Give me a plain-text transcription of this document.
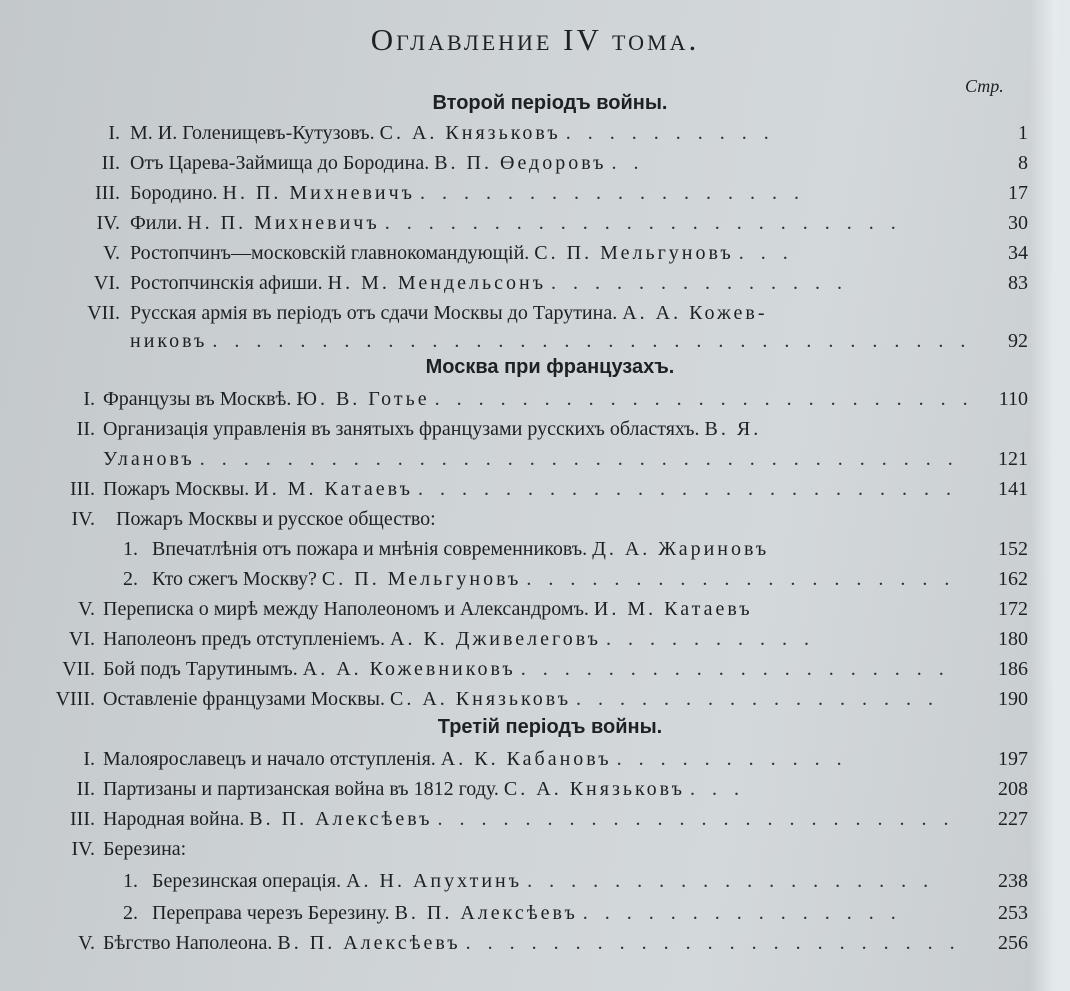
Оглавление IV тома.
Стр.
Второй періодъ войны.
I. М. И. Голенищевъ-Кутузовъ. С. А. Князьковъ . . . . . . . . . .	1
II. Отъ Царева-Займища до Бородина. В. П. Өедоровъ . .	8
III. Бородино. Н. П. Михневичъ . . . . . . . . . . . . . . . . . .	17
IV. Фили. Н. П. Михневичъ . . . . . . . . . . . . . . . . . . . . . . . .	30
V. Ростопчинъ—московскій главнокомандующій. С. П. Мельгуновъ . . .	34
VI. Ростопчинскія афиши. Н. М. Мендельсонъ . . . . . . . . . . . . . .	83
VII. Русская армія въ періодъ отъ сдачи Москвы до Тарутина. А. А. Кожев-
никовъ . . . . . . . . . . . . . . . . . . . . . . . . . . . . . . . . . . .	92
Москва при французахъ.
I. Французы въ Москвѣ. Ю. В. Готье . . . . . . . . . . . . . . . . . . . . . . . . .	110
II. Организація управленія въ занятыхъ французами русскихъ областяхъ. В. Я.
Улановъ . . . . . . . . . . . . . . . . . . . . . . . . . . . . . . . . . . .	121
III. Пожаръ Москвы. И. М. Катаевъ . . . . . . . . . . . . . . . . . . . . . . . . .	141
IV. Пожаръ Москвы и русское общество:
1. Впечатлѣнія отъ пожара и мнѣнія современниковъ. Д. А. Жариновъ	152
2. Кто сжегъ Москву? С. П. Мельгуновъ . . . . . . . . . . . . . . . . . . . .	162
V. Переписка о мирѣ между Наполеономъ и Александромъ. И. М. Катаевъ	172
VI. Наполеонъ предъ отступленіемъ. А. К. Дживелеговъ . . . . . . . . . .	180
VII. Бой подъ Тарутинымъ. А. А. Кожевниковъ . . . . . . . . . . . . . . . . . . . .	186
VIII. Оставленіе французами Москвы. С. А. Князьковъ . . . . . . . . . . . . . . . . .	190
Третій періодъ войны.
I. Малоярославецъ и начало отступленія. А. К. Кабановъ . . . . . . . . . . .	197
II. Партизаны и партизанская война въ 1812 году. С. А. Князьковъ . . .	208
III. Народная война. В. П. Алексѣевъ . . . . . . . . . . . . . . . . . . . . . . . .	227
IV. Березина:
1. Березинская операція. А. Н. Апухтинъ . . . . . . . . . . . . . . . . . . .	238
2. Переправа черезъ Березину. В. П. Алексѣевъ . . . . . . . . . . . . . . .	253
V. Бѣгство Наполеона. В. П. Алексѣевъ . . . . . . . . . . . . . . . . . . . . . . .	256
